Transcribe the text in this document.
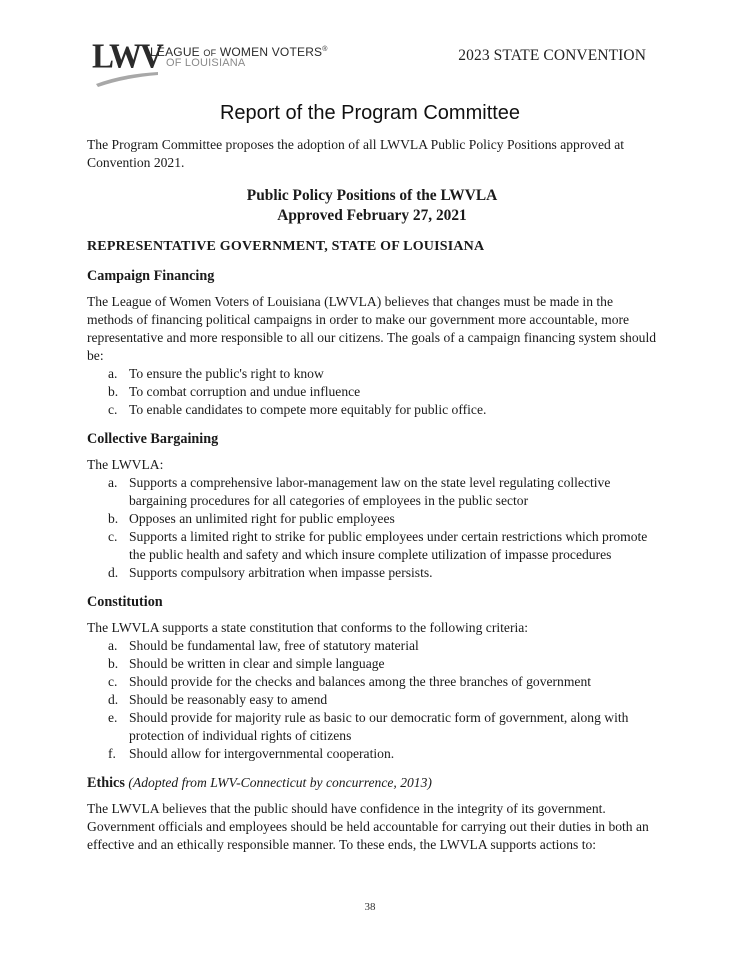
LWV
LEAGUE OF WOMEN VOTERS®
OF LOUISIANA	2023 STATE CONVENTION
Report of the Program Committee

The Program Committee proposes the adoption of all LWVLA Public Policy Positions approved at Convention 2021.

Public Policy Positions of the LWVLA
Approved February 27, 2021
REPRESENTATIVE GOVERNMENT, STATE OF LOUISIANA
Campaign Financing

The League of Women Voters of Louisiana (LWVLA) believes that changes must be made in the methods of financing political campaigns in order to make our government more accountable, more representative and more responsible to all our citizens. The goals of a campaign financing system should be:

a. To ensure the public's right to know
b. To combat corruption and undue influence
c. To enable candidates to compete more equitably for public office.
Collective Bargaining

The LWVLA:

a. Supports a comprehensive labor-management law on the state level regulating collective bargaining procedures for all categories of employees in the public sector
b. Opposes an unlimited right for public employees
c. Supports a limited right to strike for public employees under certain restrictions which promote the public health and safety and which insure complete utilization of impasse procedures
d. Supports compulsory arbitration when impasse persists.
Constitution

The LWVLA supports a state constitution that conforms to the following criteria:

a. Should be fundamental law, free of statutory material
b. Should be written in clear and simple language
c. Should provide for the checks and balances among the three branches of government
d. Should be reasonably easy to amend
e. Should provide for majority rule as basic to our democratic form of government, along with protection of individual rights of citizens
f. Should allow for intergovernmental cooperation.
Ethics (Adopted from LWV-Connecticut by concurrence, 2013)

The LWVLA believes that the public should have confidence in the integrity of its government. Government officials and employees should be held accountable for carrying out their duties in both an effective and an ethically responsible manner. To these ends, the LWVLA supports actions to:

38
